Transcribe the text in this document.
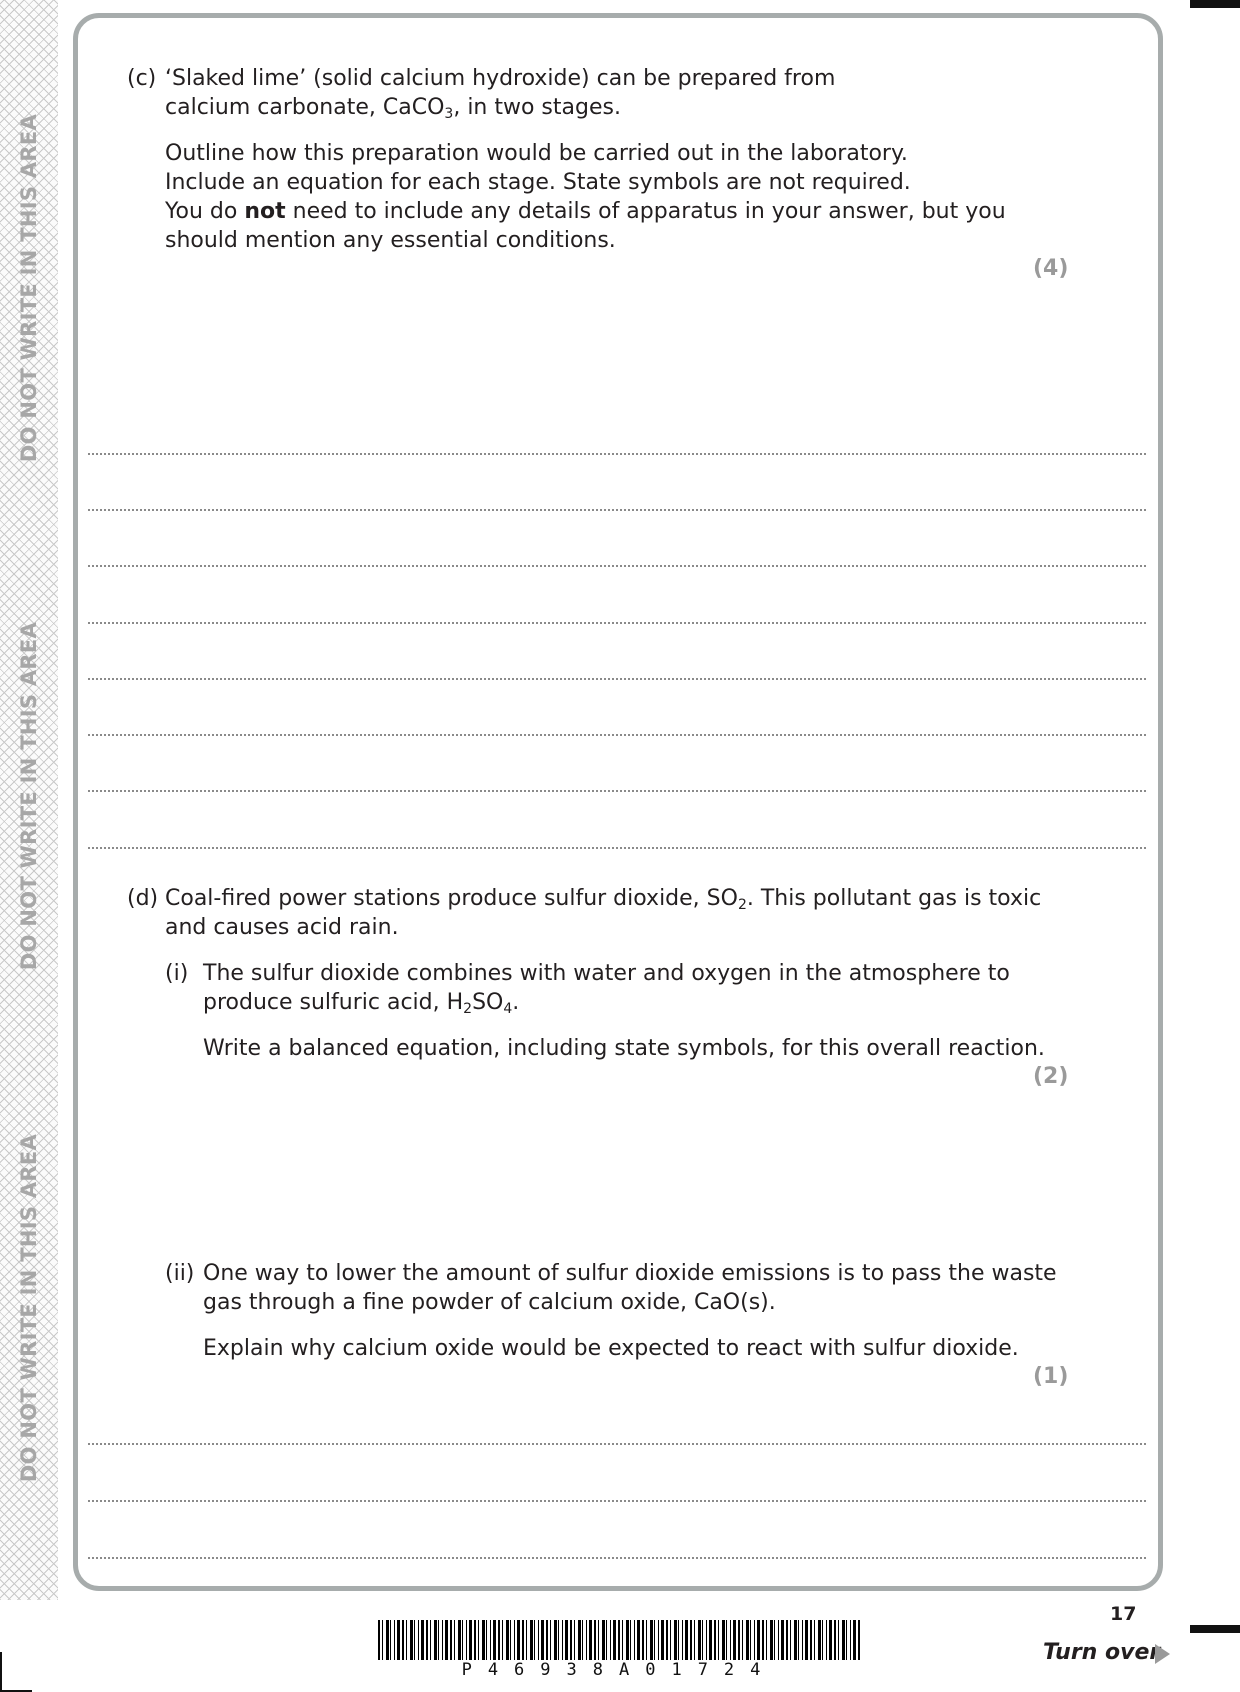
DO NOT WRITE IN THIS AREA
DO NOT WRITE IN THIS AREA
DO NOT WRITE IN THIS AREA
(c) ‘Slaked lime’ (solid calcium hydroxide) can be prepared from
calcium carbonate, CaCO$_3$, in two stages.
Outline how this preparation would be carried out in the laboratory.
Include an equation for each stage. State symbols are not required.
You do not need to include any details of apparatus in your answer, but you
should mention any essential conditions.
(4)
(d) Coal-fired power stations produce sulfur dioxide, $SO_2$. This pollutant gas is toxic
and causes acid rain.
(i) The sulfur dioxide combines with water and oxygen in the atmosphere to
produce sulfuric acid, $H_2SO_4$.
Write a balanced equation, including state symbols, for this overall reaction.
(2)
(ii) One way to lower the amount of sulfur dioxide emissions is to pass the waste
gas through a fine powder of calcium oxide, CaO(s).
Explain why calcium oxide would be expected to react with sulfur dioxide.
(1)
P46938A01724
17
Turn over
